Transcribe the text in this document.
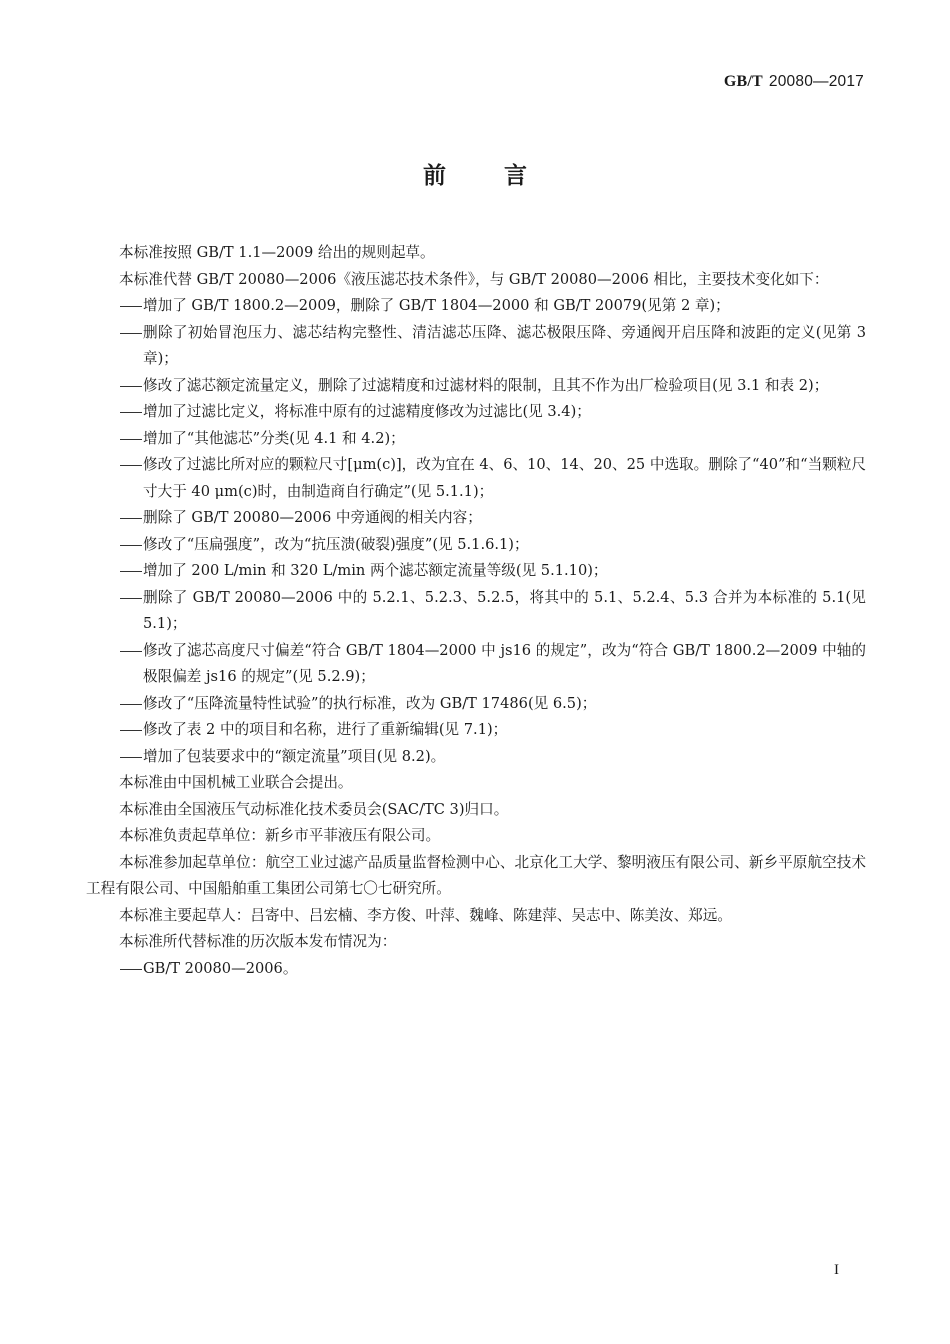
GB/T 20080—2017
前	言

本标准按照 GB/T 1.1—2009 给出的规则起草。

本标准代替 GB/T 20080—2006《液压滤芯技术条件》，与 GB/T 20080—2006 相比，主要技术变化如下：

增加了 GB/T 1800.2—2009，删除了 GB/T 1804—2000 和 GB/T 20079(见第 2 章)；

删除了初始冒泡压力、滤芯结构完整性、清洁滤芯压降、滤芯极限压降、旁通阀开启压降和波距的定义(见第 3 章)；

修改了滤芯额定流量定义，删除了过滤精度和过滤材料的限制，且其不作为出厂检验项目(见 3.1 和表 2)；

增加了过滤比定义，将标准中原有的过滤精度修改为过滤比(见 3.4)；

增加了“其他滤芯”分类(见 4.1 和 4.2)；

修改了过滤比所对应的颗粒尺寸[μm(c)]，改为宜在 4、6、10、14、20、25 中选取。删除了“40”和“当颗粒尺寸大于 40 μm(c)时，由制造商自行确定”(见 5.1.1)；

删除了 GB/T 20080—2006 中旁通阀的相关内容；

修改了“压扁强度”，改为“抗压溃(破裂)强度”(见 5.1.6.1)；

增加了 200 L/min 和 320 L/min 两个滤芯额定流量等级(见 5.1.10)；

删除了 GB/T 20080—2006 中的 5.2.1、5.2.3、5.2.5，将其中的 5.1、5.2.4、5.3 合并为本标准的 5.1(见 5.1)；

修改了滤芯高度尺寸偏差“符合 GB/T 1804—2000 中 js16 的规定”，改为“符合 GB/T 1800.2—2009 中轴的极限偏差 js16 的规定”(见 5.2.9)；

修改了“压降流量特性试验”的执行标准，改为 GB/T 17486(见 6.5)；

修改了表 2 中的项目和名称，进行了重新编辑(见 7.1)；

增加了包装要求中的“额定流量”项目(见 8.2)。

本标准由中国机械工业联合会提出。

本标准由全国液压气动标准化技术委员会(SAC/TC 3)归口。

本标准负责起草单位：新乡市平菲液压有限公司。

本标准参加起草单位：航空工业过滤产品质量监督检测中心、北京化工大学、黎明液压有限公司、新乡平原航空技术工程有限公司、中国船舶重工集团公司第七〇七研究所。

本标准主要起草人：吕寄中、吕宏楠、李方俊、叶萍、魏峰、陈建萍、吴志中、陈美汝、郑远。

本标准所代替标准的历次版本发布情况为：

GB/T 20080—2006。

I
